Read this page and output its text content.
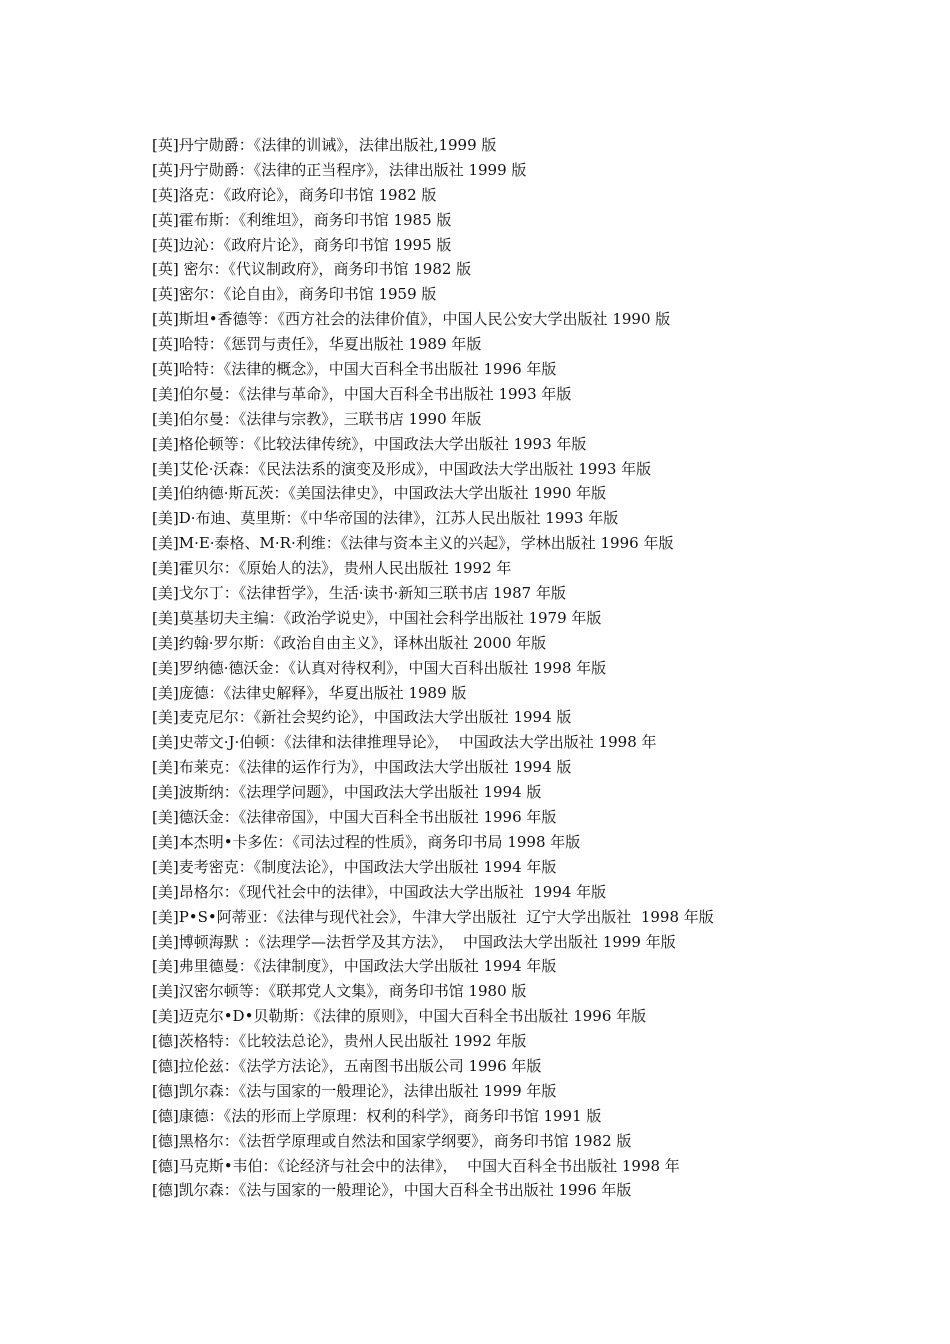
[英]丹宁勋爵：《法律的训诫》，法律出版社,1999 版
[英]丹宁勋爵：《法律的正当程序》，法律出版社 1999 版
[英]洛克：《政府论》，商务印书馆 1982 版
[英]霍布斯：《利维坦》，商务印书馆 1985 版
[英]边沁：《政府片论》，商务印书馆 1995 版
[英] 密尔：《代议制政府》，商务印书馆 1982 版
[英]密尔：《论自由》，商务印书馆 1959 版
[英]斯坦•香德等：《西方社会的法律价值》，中国人民公安大学出版社 1990 版
[英]哈特：《惩罚与责任》，华夏出版社 1989 年版
[英]哈特：《法律的概念》，中国大百科全书出版社 1996 年版
[美]伯尔曼：《法律与革命》，中国大百科全书出版社 1993 年版
[美]伯尔曼：《法律与宗教》，三联书店 1990 年版
[美]格伦顿等：《比较法律传统》，中国政法大学出版社 1993 年版
[美]艾伦·沃森：《民法法系的演变及形成》，中国政法大学出版社 1993 年版
[美]伯纳德·斯瓦茨：《美国法律史》，中国政法大学出版社 1990 年版
[美]D·布迪、莫里斯：《中华帝国的法律》，江苏人民出版社 1993 年版
[美]M·E·泰格、M·R·利维：《法律与资本主义的兴起》，学林出版社 1996 年版
[美]霍贝尔：《原始人的法》，贵州人民出版社 1992 年
[美]戈尔丁：《法律哲学》，生活·读书·新知三联书店 1987 年版
[美]莫基切夫主编：《政治学说史》，中国社会科学出版社 1979 年版
[美]约翰·罗尔斯：《政治自由主义》，译林出版社 2000 年版
[美]罗纳德·德沃金：《认真对待权利》，中国大百科出版社 1998 年版
[美]庞德：《法律史解释》，华夏出版社 1989 版
[美]麦克尼尔：《新社会契约论》，中国政法大学出版社 1994 版
[美]史蒂文·J·伯顿：《法律和法律推理导论》，  中国政法大学出版社 1998 年
[美]布莱克：《法律的运作行为》，中国政法大学出版社 1994 版
[美]波斯纳：《法理学问题》，中国政法大学出版社 1994 版
[美]德沃金：《法律帝国》，中国大百科全书出版社 1996 年版
[美]本杰明•卡多佐：《司法过程的性质》，商务印书局 1998 年版
[美]麦考密克：《制度法论》，中国政法大学出版社 1994 年版
[美]昂格尔：《现代社会中的法律》，中国政法大学出版社  1994 年版
[美]P•S•阿蒂亚：《法律与现代社会》，牛津大学出版社  辽宁大学出版社  1998 年版
[美]博顿海默 ：《法理学—法哲学及其方法》，  中国政法大学出版社 1999 年版
[美]弗里德曼：《法律制度》，中国政法大学出版社 1994 年版
[美]汉密尔顿等：《联邦党人文集》，商务印书馆 1980 版
[美]迈克尔•D•贝勒斯：《法律的原则》，中国大百科全书出版社 1996 年版
[德]茨格特：《比较法总论》，贵州人民出版社 1992 年版
[德]拉伦兹：《法学方法论》，五南图书出版公司 1996 年版
[德]凯尔森：《法与国家的一般理论》，法律出版社 1999 年版
[德]康德：《法的形而上学原理：权利的科学》，商务印书馆 1991 版
[德]黑格尔：《法哲学原理或自然法和国家学纲要》，商务印书馆 1982 版
[德]马克斯•韦伯：《论经济与社会中的法律》，  中国大百科全书出版社 1998 年
[德]凯尔森：《法与国家的一般理论》，中国大百科全书出版社 1996 年版
